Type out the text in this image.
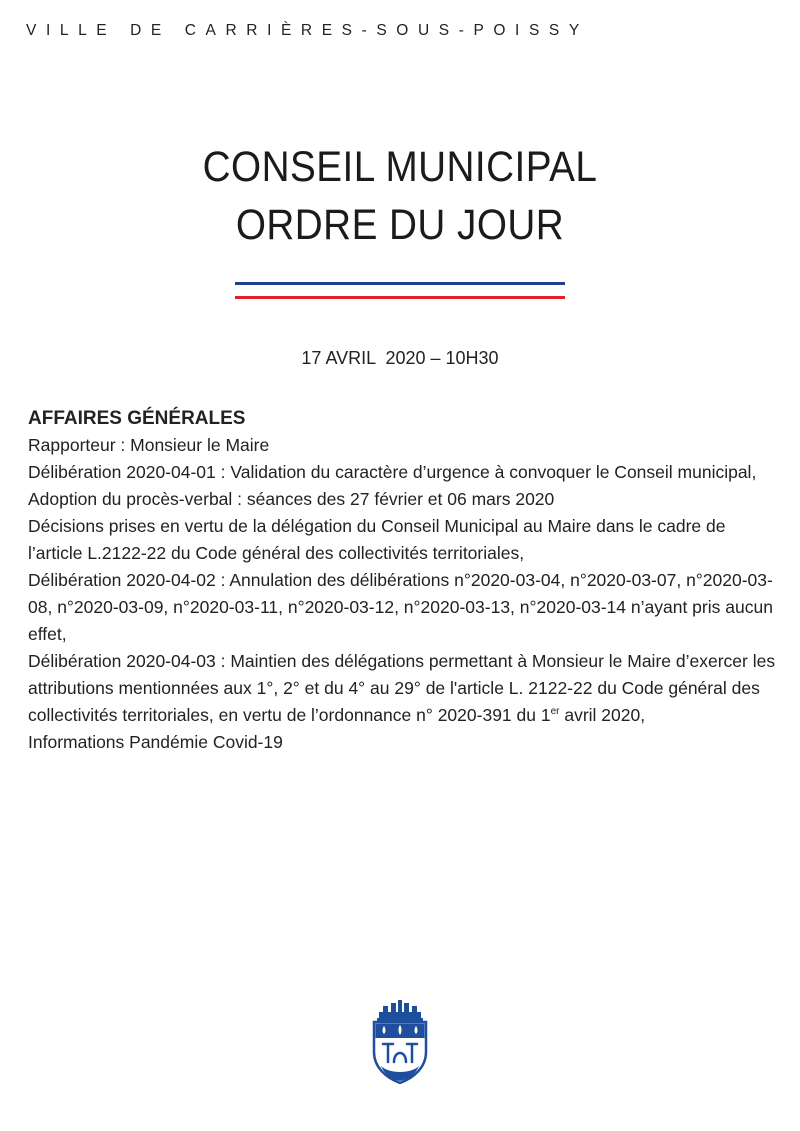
VILLE DE CARRIÈRES-SOUS-POISSY
CONSEIL MUNICIPAL
ORDRE DU JOUR
17 AVRIL  2020 – 10H30
AFFAIRES GÉNÉRALES
Rapporteur : Monsieur le Maire
Délibération 2020-04-01 : Validation du caractère d’urgence à convoquer le Conseil municipal,
Adoption du procès-verbal : séances des 27 février et 06 mars 2020
Décisions prises en vertu de la délégation du Conseil Municipal au Maire dans le cadre de l’article L.2122-22 du Code général des collectivités territoriales,
Délibération 2020-04-02 : Annulation des délibérations n°2020-03-04, n°2020-03-07, n°2020-03-08, n°2020-03-09, n°2020-03-11, n°2020-03-12, n°2020-03-13, n°2020-03-14 n’ayant pris aucun effet,
Délibération 2020-04-03 : Maintien des délégations permettant à Monsieur le Maire d’exercer les attributions mentionnées aux 1°, 2° et du 4° au 29° de l'article L. 2122-22 du Code général des collectivités territoriales, en vertu de l’ordonnance n° 2020-391 du 1er avril 2020,
Informations Pandémie Covid-19
